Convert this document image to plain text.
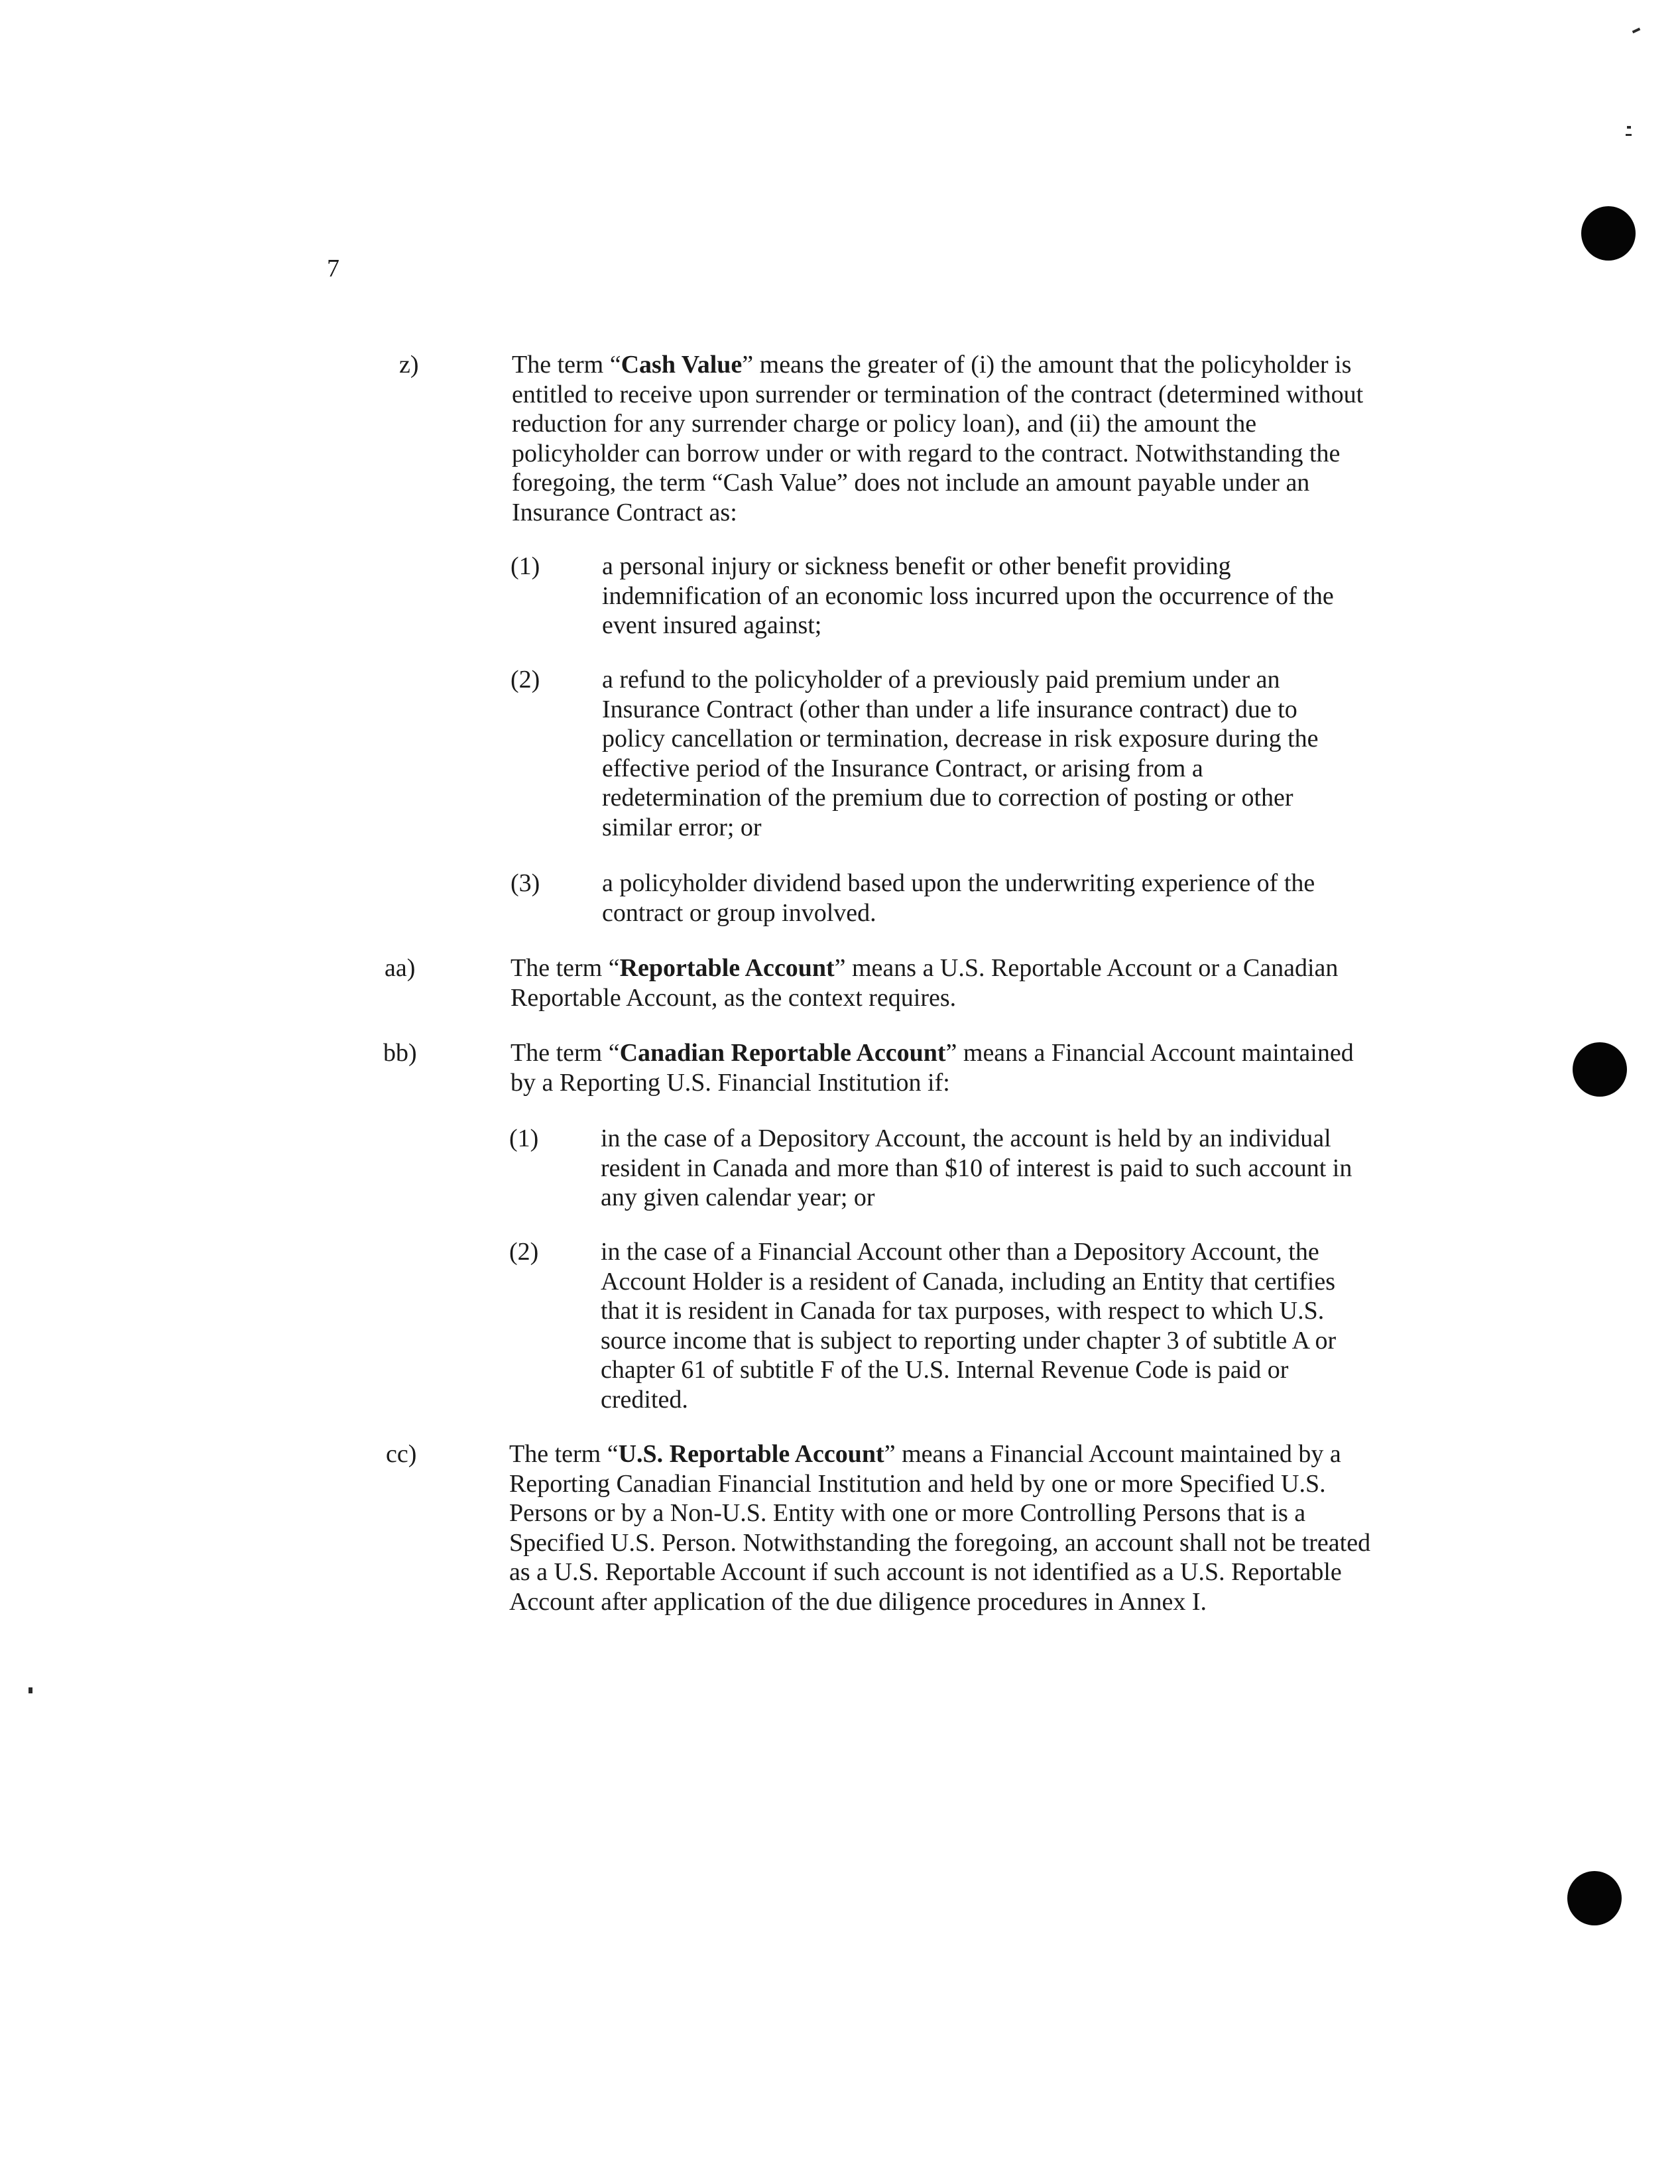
7
z)	The term “Cash Value” means the greater of (i) the amount that the policyholder is entitled to receive upon surrender or termination of the contract (determined without reduction for any surrender charge or policy loan), and (ii) the amount the policyholder can borrow under or with regard to the contract. Notwithstanding the foregoing, the term “Cash Value” does not include an amount payable under an Insurance Contract as:
(1) a personal injury or sickness benefit or other benefit providing indemnification of an economic loss incurred upon the occurrence of the event insured against;
(2) a refund to the policyholder of a previously paid premium under an Insurance Contract (other than under a life insurance contract) due to policy cancellation or termination, decrease in risk exposure during the effective period of the Insurance Contract, or arising from a redetermination of the premium due to correction of posting or other similar error; or
(3) a policyholder dividend based upon the underwriting experience of the contract or group involved.
aa)	The term “Reportable Account” means a U.S. Reportable Account or a Canadian Reportable Account, as the context requires.
bb)	The term “Canadian Reportable Account” means a Financial Account maintained by a Reporting U.S. Financial Institution if:
(1) in the case of a Depository Account, the account is held by an individual resident in Canada and more than $10 of interest is paid to such account in any given calendar year; or
(2) in the case of a Financial Account other than a Depository Account, the Account Holder is a resident of Canada, including an Entity that certifies that it is resident in Canada for tax purposes, with respect to which U.S. source income that is subject to reporting under chapter 3 of subtitle A or chapter 61 of subtitle F of the U.S. Internal Revenue Code is paid or credited.
cc)	The term “U.S. Reportable Account” means a Financial Account maintained by a Reporting Canadian Financial Institution and held by one or more Specified U.S. Persons or by a Non-U.S. Entity with one or more Controlling Persons that is a Specified U.S. Person. Notwithstanding the foregoing, an account shall not be treated as a U.S. Reportable Account if such account is not identified as a U.S. Reportable Account after application of the due diligence procedures in Annex I.
